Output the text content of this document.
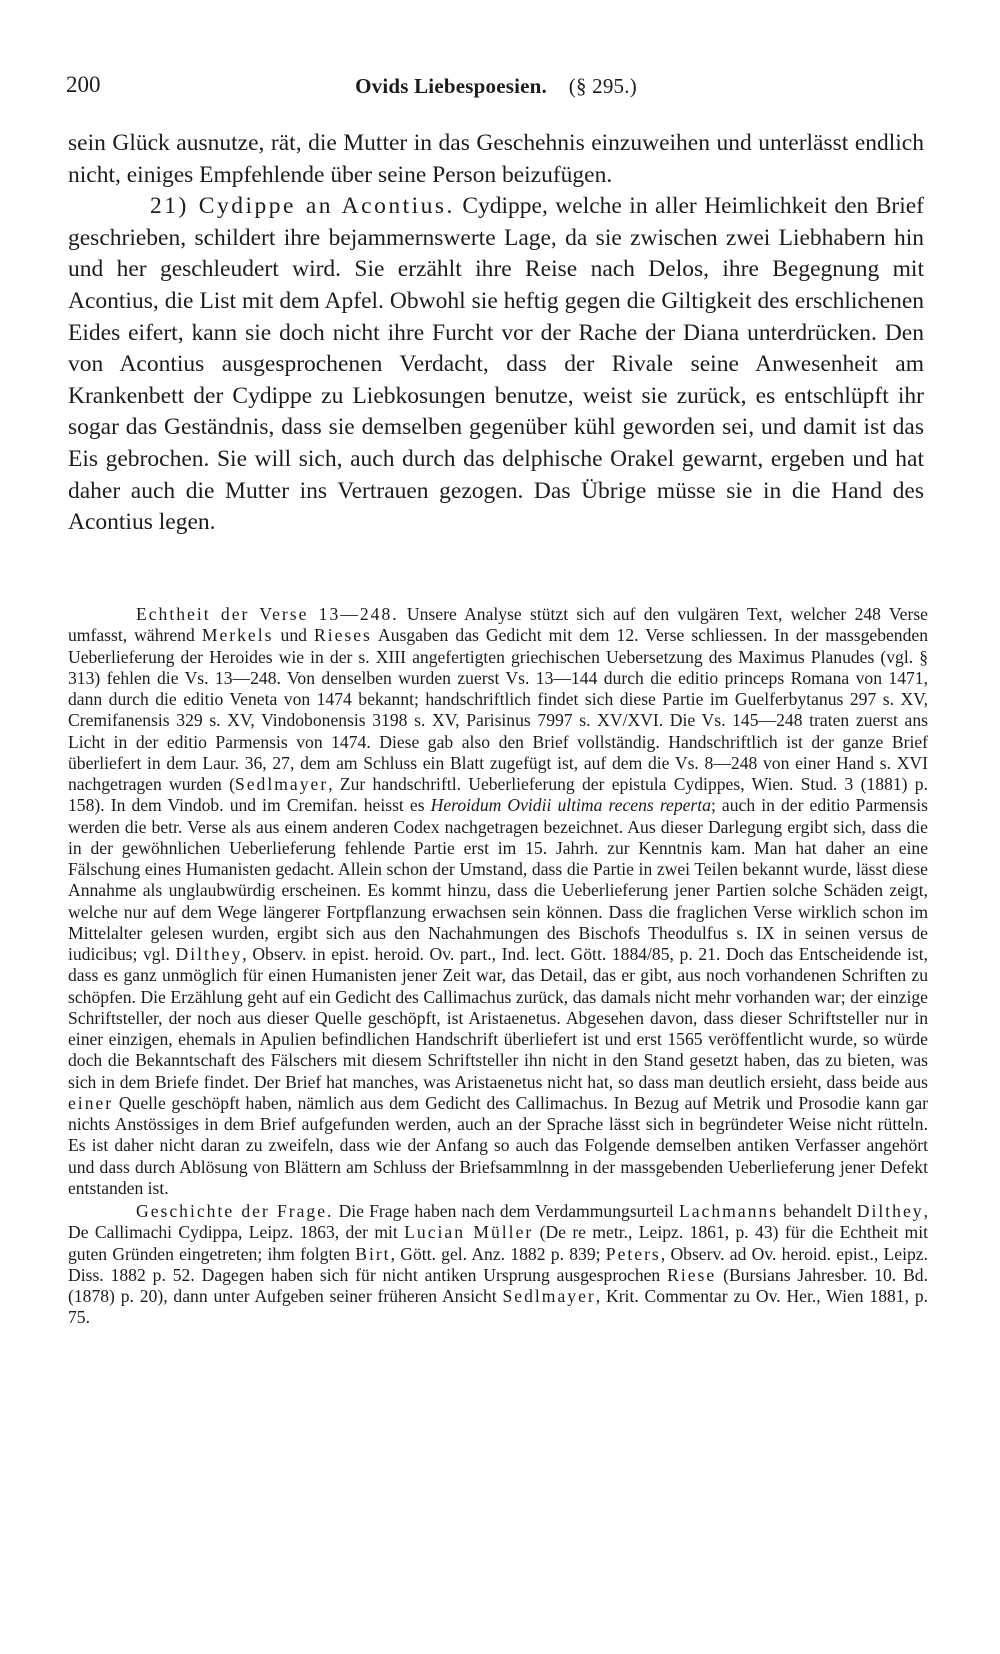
200	Ovids Liebespoesien. (§ 295.)

sein Glück ausnutze, rät, die Mutter in das Geschehnis einzuweihen und unterlässt endlich nicht, einiges Empfehlende über seine Person beizufügen.

21) Cydippe an Acontius. Cydippe, welche in aller Heimlichkeit den Brief geschrieben, schildert ihre bejammernswerte Lage, da sie zwischen zwei Liebhabern hin und her geschleudert wird. Sie erzählt ihre Reise nach Delos, ihre Begegnung mit Acontius, die List mit dem Apfel. Obwohl sie heftig gegen die Giltigkeit des erschlichenen Eides eifert, kann sie doch nicht ihre Furcht vor der Rache der Diana unterdrücken. Den von Acontius ausgesprochenen Verdacht, dass der Rivale seine Anwesenheit am Krankenbett der Cydippe zu Liebkosungen benutze, weist sie zurück, es entschlüpft ihr sogar das Geständnis, dass sie demselben gegenüber kühl geworden sei, und damit ist das Eis gebrochen. Sie will sich, auch durch das delphische Orakel gewarnt, ergeben und hat daher auch die Mutter ins Vertrauen gezogen. Das Übrige müsse sie in die Hand des Acontius legen.

Echtheit der Verse 13—248. Unsere Analyse stützt sich auf den vulgären Text, welcher 248 Verse umfasst, während Merkels und Rieses Ausgaben das Gedicht mit dem 12. Verse schliessen. In der massgebenden Ueberlieferung der Heroides wie in der s. XIII angefertigten griechischen Uebersetzung des Maximus Planudes (vgl. § 313) fehlen die Vs. 13—248. Von denselben wurden zuerst Vs. 13—144 durch die editio princeps Romana von 1471, dann durch die editio Veneta von 1474 bekannt; handschriftlich findet sich diese Partie im Guelferbytanus 297 s. XV, Cremifanensis 329 s. XV, Vindobonensis 3198 s. XV, Parisinus 7997 s. XV/XVI. Die Vs. 145—248 traten zuerst ans Licht in der editio Parmensis von 1474. Diese gab also den Brief vollständig. Handschriftlich ist der ganze Brief überliefert in dem Laur. 36, 27, dem am Schluss ein Blatt zugefügt ist, auf dem die Vs. 8—248 von einer Hand s. XVI nachgetragen wurden (Sedlmayer, Zur handschriftl. Ueberlieferung der epistula Cydippes, Wien. Stud. 3 (1881) p. 158). In dem Vindob. und im Cremifan. heisst es Heroidum Ovidii ultima recens reperta; auch in der editio Parmensis werden die betr. Verse als aus einem anderen Codex nachgetragen bezeichnet. Aus dieser Darlegung ergibt sich, dass die in der gewöhnlichen Ueberlieferung fehlende Partie erst im 15. Jahrh. zur Kenntnis kam. Man hat daher an eine Fälschung eines Humanisten gedacht. Allein schon der Umstand, dass die Partie in zwei Teilen bekannt wurde, lässt diese Annahme als unglaubwürdig erscheinen. Es kommt hinzu, dass die Ueberlieferung jener Partien solche Schäden zeigt, welche nur auf dem Wege längerer Fortpflanzung erwachsen sein können. Dass die fraglichen Verse wirklich schon im Mittelalter gelesen wurden, ergibt sich aus den Nachahmungen des Bischofs Theodulfus s. IX in seinen versus de iudicibus; vgl. Dilthey, Observ. in epist. heroid. Ov. part., Ind. lect. Gött. 1884/85, p. 21. Doch das Entscheidende ist, dass es ganz unmöglich für einen Humanisten jener Zeit war, das Detail, das er gibt, aus noch vorhandenen Schriften zu schöpfen. Die Erzählung geht auf ein Gedicht des Callimachus zurück, das damals nicht mehr vorhanden war; der einzige Schriftsteller, der noch aus dieser Quelle geschöpft, ist Aristaenetus. Abgesehen davon, dass dieser Schriftsteller nur in einer einzigen, ehemals in Apulien befindlichen Handschrift überliefert ist und erst 1565 veröffentlicht wurde, so würde doch die Bekanntschaft des Fälschers mit diesem Schriftsteller ihn nicht in den Stand gesetzt haben, das zu bieten, was sich in dem Briefe findet. Der Brief hat manches, was Aristaenetus nicht hat, so dass man deutlich ersieht, dass beide aus einer Quelle geschöpft haben, nämlich aus dem Gedicht des Callimachus. In Bezug auf Metrik und Prosodie kann gar nichts Anstössiges in dem Brief aufgefunden werden, auch an der Sprache lässt sich in begründeter Weise nicht rütteln. Es ist daher nicht daran zu zweifeln, dass wie der Anfang so auch das Folgende demselben antiken Verfasser angehört und dass durch Ablösung von Blättern am Schluss der Briefsammlnng in der massgebenden Ueberlieferung jener Defekt entstanden ist.

Geschichte der Frage. Die Frage haben nach dem Verdammungsurteil Lachmanns behandelt Dilthey, De Callimachi Cydippa, Leipz. 1863, der mit Lucian Müller (De re metr., Leipz. 1861, p. 43) für die Echtheit mit guten Gründen eingetreten; ihm folgten Birt, Gött. gel. Anz. 1882 p. 839; Peters, Observ. ad Ov. heroid. epist., Leipz. Diss. 1882 p. 52. Dagegen haben sich für nicht antiken Ursprung ausgesprochen Riese (Bursians Jahresber. 10. Bd. (1878) p. 20), dann unter Aufgeben seiner früheren Ansicht Sedlmayer, Krit. Commentar zu Ov. Her., Wien 1881, p. 75.
